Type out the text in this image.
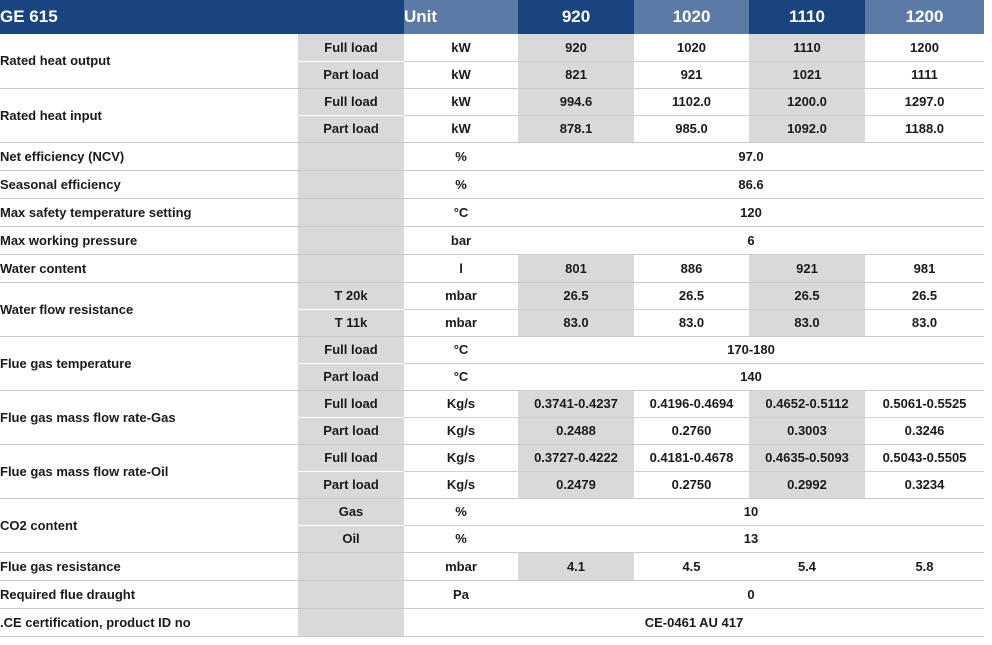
GE 615		Unit	920	1020	1110	1200
Rated heat output	Full load	kW	920	1020	1110	1200
	Part load	kW	821	921	1021	1111
Rated heat input	Full load	kW	994.6	1102.0	1200.0	1297.0
	Part load	kW	878.1	985.0	1092.0	1188.0
Net efficiency (NCV)		%	97.0			
Seasonal efficiency		%	86.6			
Max safety temperature setting		°C	120			
Max working pressure		bar	6			
Water content		l	801	886	921	981
Water flow resistance	T 20k	mbar	26.5	26.5	26.5	26.5
	T 11k	mbar	83.0	83.0	83.0	83.0
Flue gas temperature	Full load	°C	170-180			
	Part load	°C	140			
Flue gas mass flow rate-Gas	Full load	Kg/s	0.3741-0.4237	0.4196-0.4694	0.4652-0.5112	0.5061-0.5525
	Part load	Kg/s	0.2488	0.2760	0.3003	0.3246
Flue gas mass flow rate-Oil	Full load	Kg/s	0.3727-0.4222	0.4181-0.4678	0.4635-0.5093	0.5043-0.5505
	Part load	Kg/s	0.2479	0.2750	0.2992	0.3234
CO2 content	Gas	%	10			
	Oil	%	13			
Flue gas resistance		mbar	4.1	4.5	5.4	5.8
Required flue draught		Pa	0			
.CE certification, product ID no		CE-0461 AU 417				
